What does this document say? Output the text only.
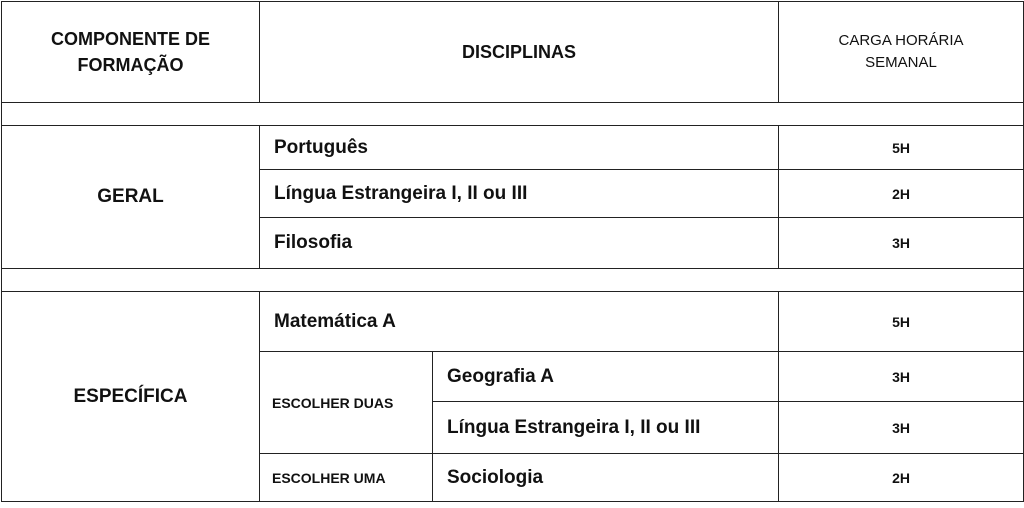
COMPONENTE DE FORMAÇÃO	DISCIPLINAS		CARGA HORÁRIA SEMANAL

GERAL	Português		5H
	Língua Estrangeira I, II ou III		2H
	Filosofia		3H

ESPECÍFICA	Matemática A		5H
	ESCOLHER DUAS	Geografia A	3H
		Língua Estrangeira I, II ou III	3H
	ESCOLHER UMA	Sociologia	2H
